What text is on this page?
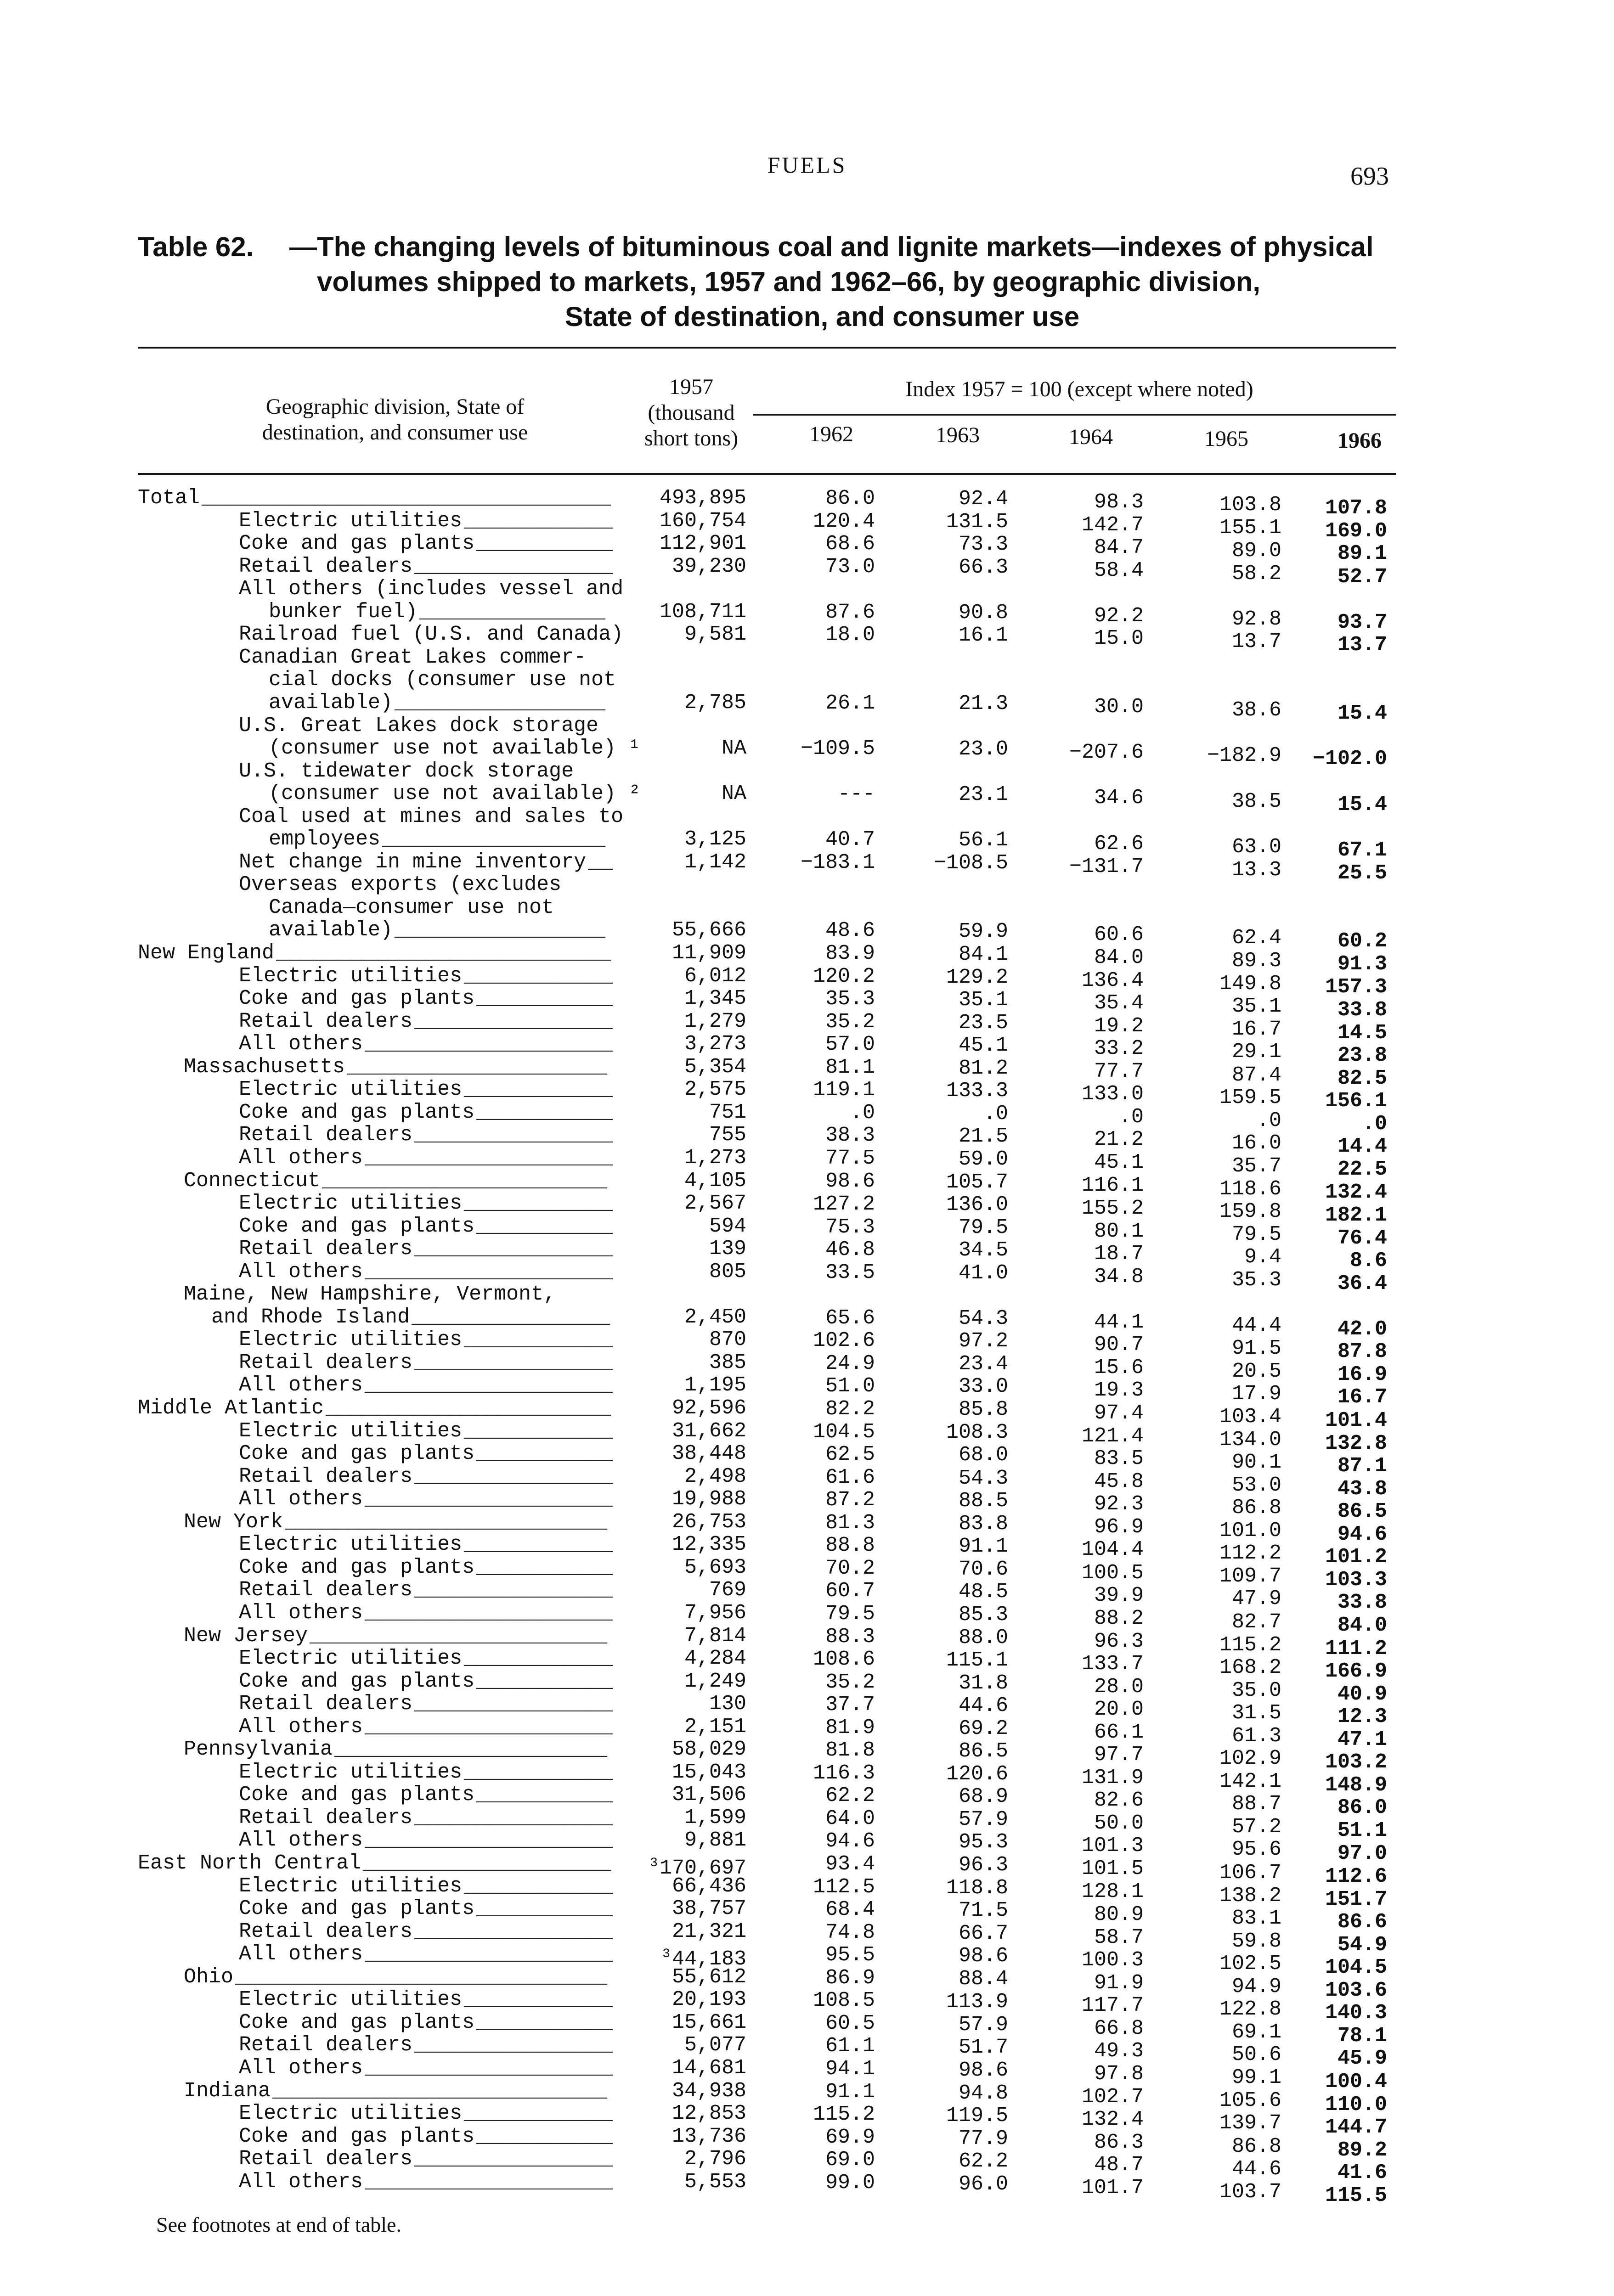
FUELS	693
Table 62. —The changing levels of bituminous coal and lignite markets—indexes of physical
volumes shipped to markets, 1957 and 1962–66, by geographic division,
State of destination, and consumer use
Geographic division, State of
destination, and consumer use
1957
(thousand
short tons)
Index 1957 = 100 (except where noted)
1962	1963	1964	1965	1966
Total _________________________________	493,895	86.0	92.4	98.3	103.8	107.8
Electric utilities ____________	160,754	120.4	131.5	142.7	155.1	169.0
Coke and gas plants ___________	112,901	68.6	73.3	84.7	89.0	89.1
Retail dealers ________________	39,230	73.0	66.3	58.4	58.2	52.7
All others (includes vessel and
bunker fuel) _______________	108,711	87.6	90.8	92.2	92.8	93.7
Railroad fuel (U.S. and Canada)	9,581	18.0	16.1	15.0	13.7	13.7
Canadian Great Lakes commer-
cial docks (consumer use not
available) _________________	2,785	26.1	21.3	30.0	38.6	15.4
U.S. Great Lakes dock storage
(consumer use not available) ¹	NA	−109.5	23.0	−207.6	−182.9	−102.0
U.S. tidewater dock storage
(consumer use not available) ²	NA	---	23.1	34.6	38.5	15.4
Coal used at mines and sales to
employees __________________	3,125	40.7	56.1	62.6	63.0	67.1
Net change in mine inventory __	1,142	−183.1	−108.5	−131.7	13.3	25.5
Overseas exports (excludes
Canada—consumer use not
available) _________________	55,666	48.6	59.9	60.6	62.4	60.2
New England ___________________________	11,909	83.9	84.1	84.0	89.3	91.3
Electric utilities ____________	6,012	120.2	129.2	136.4	149.8	157.3
Coke and gas plants ___________	1,345	35.3	35.1	35.4	35.1	33.8
Retail dealers ________________	1,279	35.2	23.5	19.2	16.7	14.5
All others ____________________	3,273	57.0	45.1	33.2	29.1	23.8
Massachusetts _____________________	5,354	81.1	81.2	77.7	87.4	82.5
Electric utilities ____________	2,575	119.1	133.3	133.0	159.5	156.1
Coke and gas plants ___________	751	.0	.0	.0	.0	.0
Retail dealers ________________	755	38.3	21.5	21.2	16.0	14.4
All others ____________________	1,273	77.5	59.0	45.1	35.7	22.5
Connecticut _______________________	4,105	98.6	105.7	116.1	118.6	132.4
Electric utilities ____________	2,567	127.2	136.0	155.2	159.8	182.1
Coke and gas plants ___________	594	75.3	79.5	80.1	79.5	76.4
Retail dealers ________________	139	46.8	34.5	18.7	9.4	8.6
All others ____________________	805	33.5	41.0	34.8	35.3	36.4
Maine, New Hampshire, Vermont,
and Rhode Island ________________	2,450	65.6	54.3	44.1	44.4	42.0
Electric utilities ____________	870	102.6	97.2	90.7	91.5	87.8
Retail dealers ________________	385	24.9	23.4	15.6	20.5	16.9
All others ____________________	1,195	51.0	33.0	19.3	17.9	16.7
Middle Atlantic _______________________	92,596	82.2	85.8	97.4	103.4	101.4
Electric utilities ____________	31,662	104.5	108.3	121.4	134.0	132.8
Coke and gas plants ___________	38,448	62.5	68.0	83.5	90.1	87.1
Retail dealers ________________	2,498	61.6	54.3	45.8	53.0	43.8
All others ____________________	19,988	87.2	88.5	92.3	86.8	86.5
New York __________________________	26,753	81.3	83.8	96.9	101.0	94.6
Electric utilities ____________	12,335	88.8	91.1	104.4	112.2	101.2
Coke and gas plants ___________	5,693	70.2	70.6	100.5	109.7	103.3
Retail dealers ________________	769	60.7	48.5	39.9	47.9	33.8
All others ____________________	7,956	79.5	85.3	88.2	82.7	84.0
New Jersey ________________________	7,814	88.3	88.0	96.3	115.2	111.2
Electric utilities ____________	4,284	108.6	115.1	133.7	168.2	166.9
Coke and gas plants ___________	1,249	35.2	31.8	28.0	35.0	40.9
Retail dealers ________________	130	37.7	44.6	20.0	31.5	12.3
All others ____________________	2,151	81.9	69.2	66.1	61.3	47.1
Pennsylvania ______________________	58,029	81.8	86.5	97.7	102.9	103.2
Electric utilities ____________	15,043	116.3	120.6	131.9	142.1	148.9
Coke and gas plants ___________	31,506	62.2	68.9	82.6	88.7	86.0
Retail dealers ________________	1,599	64.0	57.9	50.0	57.2	51.1
All others ____________________	9,881	94.6	95.3	101.3	95.6	97.0
East North Central ____________________	$^3$170,697	93.4	96.3	101.5	106.7	112.6
Electric utilities ____________	66,436	112.5	118.8	128.1	138.2	151.7
Coke and gas plants ___________	38,757	68.4	71.5	80.9	83.1	86.6
Retail dealers ________________	21,321	74.8	66.7	58.7	59.8	54.9
All others ____________________	$^3$44,183	95.5	98.6	100.3	102.5	104.5
Ohio ______________________________	55,612	86.9	88.4	91.9	94.9	103.6
Electric utilities ____________	20,193	108.5	113.9	117.7	122.8	140.3
Coke and gas plants ___________	15,661	60.5	57.9	66.8	69.1	78.1
Retail dealers ________________	5,077	61.1	51.7	49.3	50.6	45.9
All others ____________________	14,681	94.1	98.6	97.8	99.1	100.4
Indiana ___________________________	34,938	91.1	94.8	102.7	105.6	110.0
Electric utilities ____________	12,853	115.2	119.5	132.4	139.7	144.7
Coke and gas plants ___________	13,736	69.9	77.9	86.3	86.8	89.2
Retail dealers ________________	2,796	69.0	62.2	48.7	44.6	41.6
All others ____________________	5,553	99.0	96.0	101.7	103.7	115.5
See footnotes at end of table.
